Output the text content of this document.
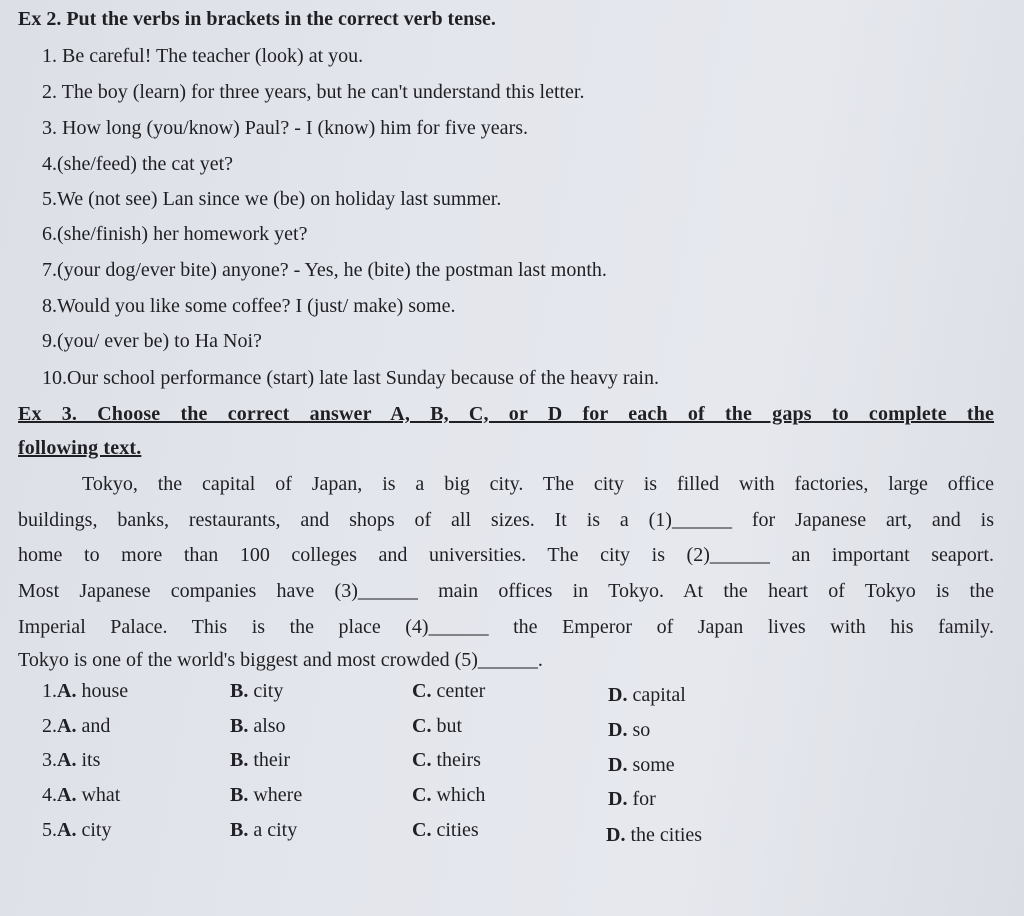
Ex 2. Put the verbs in brackets in the correct verb tense.
1. Be careful! The teacher (look) at you.
2. The boy (learn) for three years, but he can't understand this letter.
3. How long (you/know) Paul? - I (know) him for five years.
4.(she/feed) the cat yet?
5.We (not see) Lan since we (be) on holiday last summer.
6.(she/finish) her homework yet?
7.(your dog/ever bite) anyone? - Yes, he (bite) the postman last month.
8.Would you like some coffee? I (just/ make) some.
9.(you/ ever be) to Ha Noi?
10.Our school performance (start) late last Sunday because of the heavy rain.
Ex 3. Choose the correct answer A, B, C, or D for each of the gaps to complete the
following text.
Tokyo, the capital of Japan, is a big city. The city is filled with factories, large office
buildings, banks, restaurants, and shops of all sizes. It is a (1)______ for Japanese art, and is
home to more than 100 colleges and universities. The city is (2)______ an important seaport.
Most Japanese companies have (3)______ main offices in Tokyo. At the heart of Tokyo is the
Imperial Palace. This is the place (4)______ the Emperor of Japan lives with his family.
Tokyo is one of the world's biggest and most crowded (5)______.
1.A. house	B. city	C. center	D. capital
2.A. and	B. also	C. but	D. so
3.A. its	B. their	C. theirs	D. some
4.A. what	B. where	C. which	D. for
5.A. city	B. a city	C. cities	D. the cities
